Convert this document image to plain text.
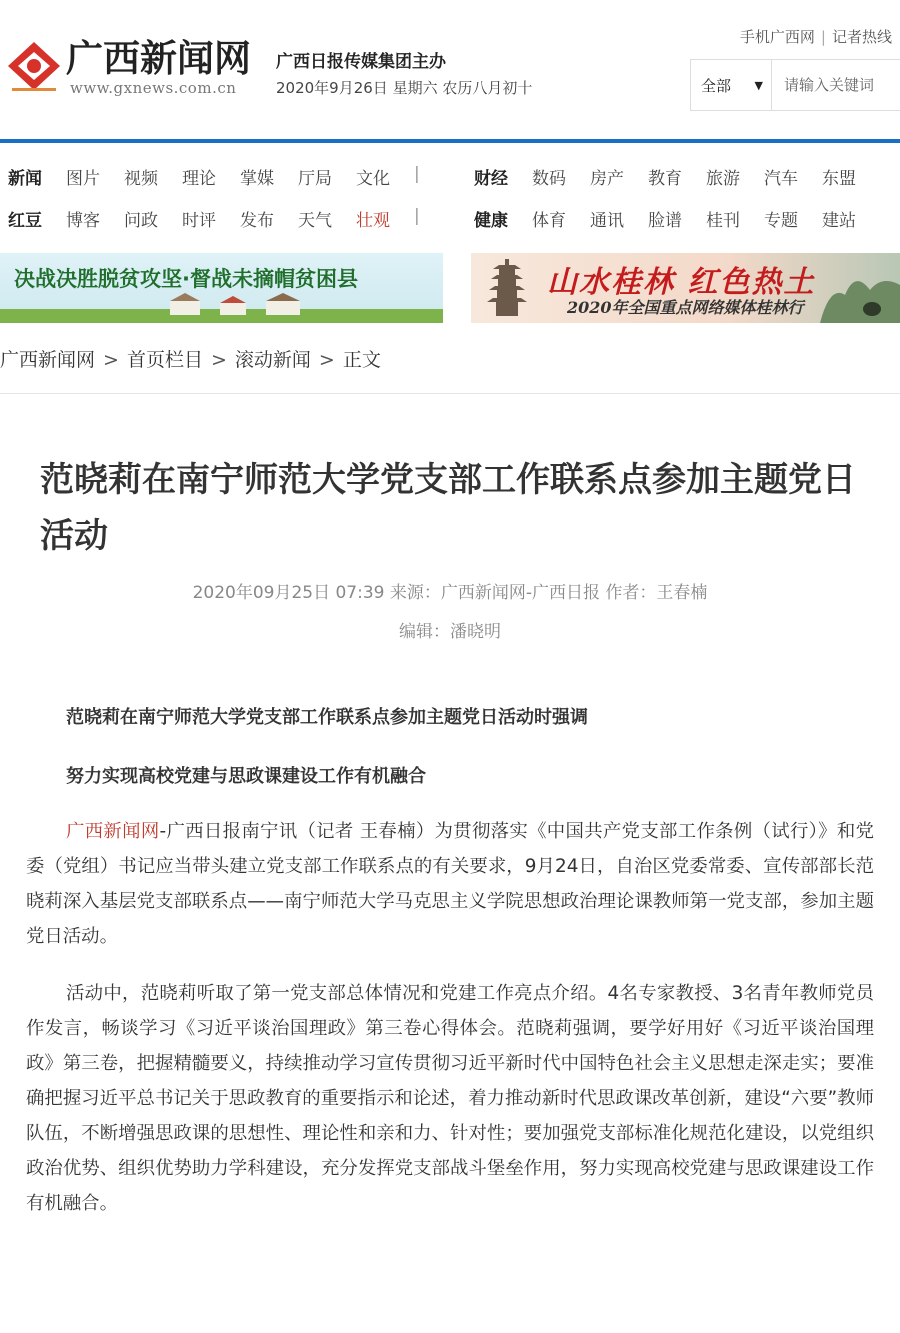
广西新闻网
www.gxnews.com.cn
广西日报传媒集团主办
2020年9月26日 星期六 农历八月初十
手机广西网 | 记者热线
全部 ▼
请输入关键词
新闻	图片	视频	理论	掌媒	厅局	文化	|
红豆	博客	问政	时评	发布	天气	壮观	|
财经	数码	房产	教育	旅游	汽车	东盟
健康	体育	通讯	脸谱	桂刊	专题	建站
决战决胜脱贫攻坚·督战未摘帽贫困县	山水桂林 红色热土
2020年全国重点网络媒体桂林行
广西新闻网 > 首页栏目 > 滚动新闻 > 正文
范晓莉在南宁师范大学党支部工作联系点参加主题党日活动
2020年09月25日 07:39 来源：广西新闻网-广西日报 作者：王春楠
编辑：潘晓明
范晓莉在南宁师范大学党支部工作联系点参加主题党日活动时强调
努力实现高校党建与思政课建设工作有机融合

广西新闻网-广西日报南宁讯（记者 王春楠）为贯彻落实《中国共产党支部工作条例（试行）》和党委（党组）书记应当带头建立党支部工作联系点的有关要求，9月24日，自治区党委常委、宣传部部长范晓莉深入基层党支部联系点——南宁师范大学马克思主义学院思想政治理论课教师第一党支部，参加主题党日活动。

活动中，范晓莉听取了第一党支部总体情况和党建工作亮点介绍。4名专家教授、3名青年教师党员作发言，畅谈学习《习近平谈治国理政》第三卷心得体会。范晓莉强调，要学好用好《习近平谈治国理政》第三卷，把握精髓要义，持续推动学习宣传贯彻习近平新时代中国特色社会主义思想走深走实；要准确把握习近平总书记关于思政教育的重要指示和论述，着力推动新时代思政课改革创新，建设“六要”教师队伍，不断增强思政课的思想性、理论性和亲和力、针对性；要加强党支部标准化规范化建设，以党组织政治优势、组织优势助力学科建设，充分发挥党支部战斗堡垒作用，努力实现高校党建与思政课建设工作有机融合。
